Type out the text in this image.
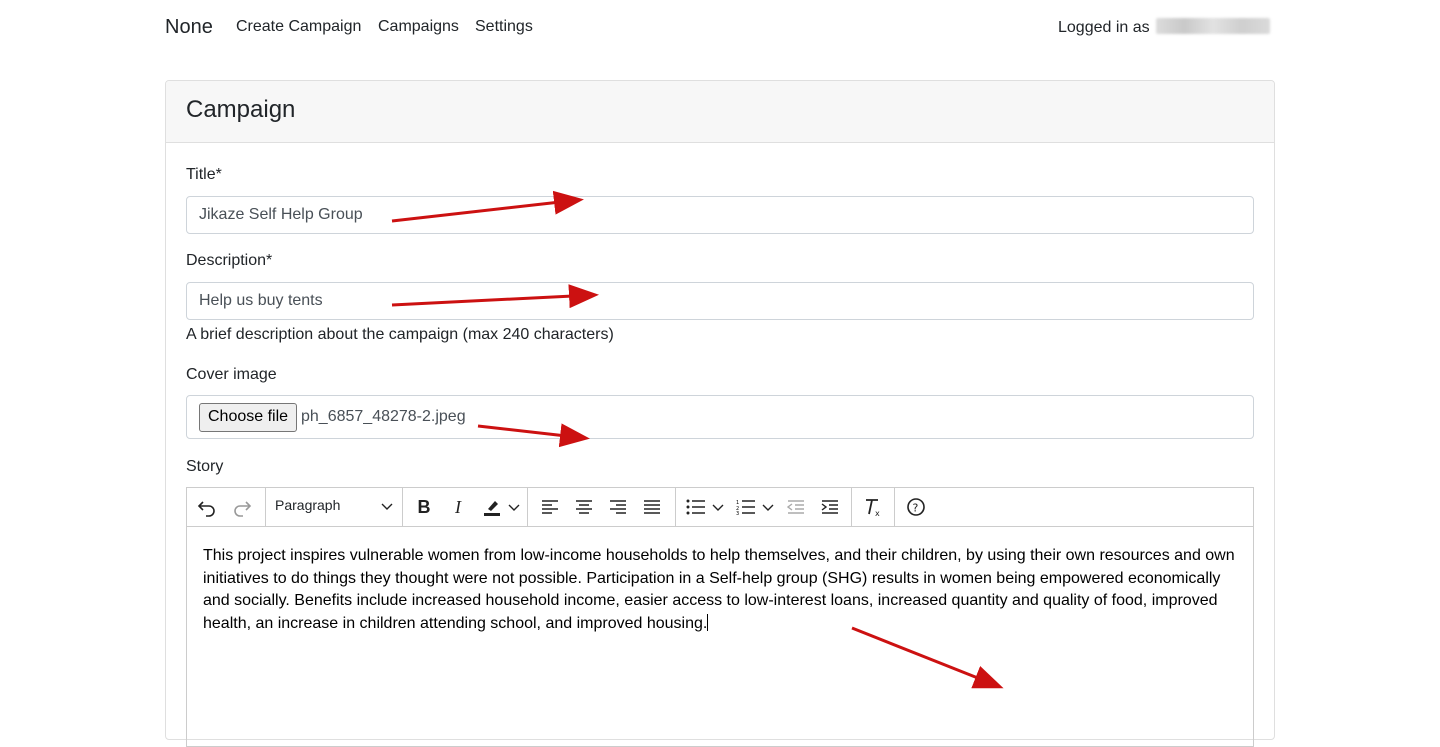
None Create Campaign Campaigns Settings	Logged in as
Campaign
Title*
Jikaze Self Help Group
Description*
Help us buy tents
A brief description about the campaign (max 240 characters)
Cover image
Choose file ph_6857_48278-2.jpeg
Story
Paragraph	B	I	1
2
3	x	?
This project inspires vulnerable women from low-income households to help themselves, and their children, by using their own resources and own initiatives to do things they thought were not possible. Participation in a Self-help group (SHG) results in women being empowered economically and socially. Benefits include increased household income, easier access to low-interest loans, increased quantity and quality of food, improved health, an increase in children attending school, and improved housing.
